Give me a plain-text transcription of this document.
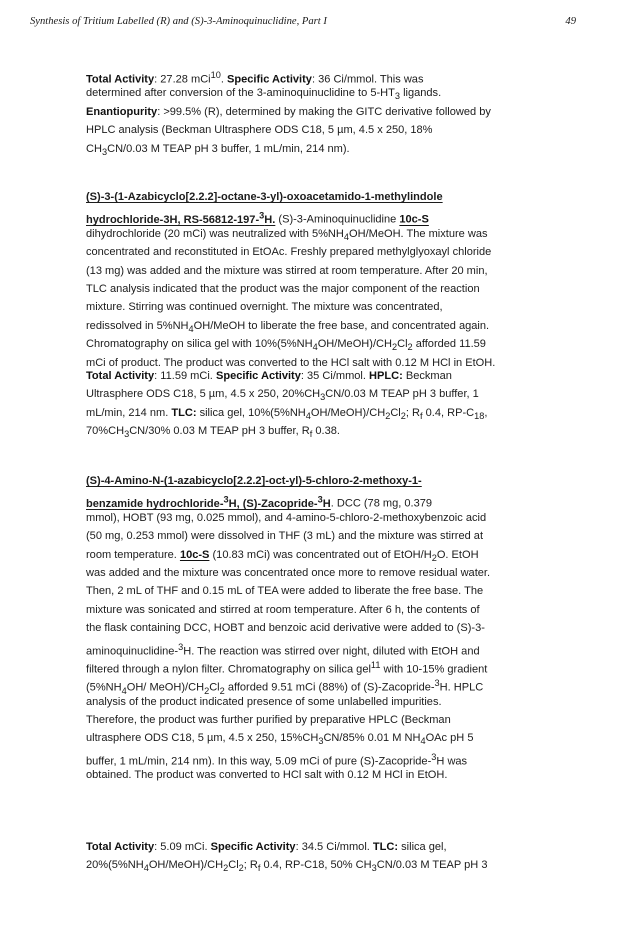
Synthesis of Tritium Labelled (R) and (S)-3-Aminoquinuclidine, Part I	49
Total Activity: 27.28 mCi$^{10}$. Specific Activity: 36 Ci/mmol. This was
determined after conversion of the 3-aminoquinuclidine to $5-HT_3$ ligands.
Enantiopurity: >99.5% (R), determined by making the GITC derivative followed by
HPLC analysis (Beckman Ultrasphere ODS C18, 5 µm, 4.5 x 250, 18%
$CH_3CN/0.03$ M TEAP pH 3 buffer, 1 mL/min, 214 nm).
(S)-3-(1-Azabicyclo[2.2.2]-octane-3-yl)-oxoacetamido-1-methylindole
hydrochloride-3H, RS-56812-197-$^3$H. (S)-3-Aminoquinuclidine 10c-S
dihydrochloride (20 mCi) was neutralized with $5\%NH_4OH$/MeOH. The mixture was
concentrated and reconstituted in EtOAc. Freshly prepared methylglyoxayl chloride
(13 mg) was added and the mixture was stirred at room temperature. After 20 min,
TLC analysis indicated that the product was the major component of the reaction
mixture. Stirring was continued overnight. The mixture was concentrated,
redissolved in $5\%NH_4OH$/MeOH to liberate the free base, and concentrated again.
Chromatography on silica gel with $10\%(5\%NH_4OH/MeOH)/CH_2Cl_2$ afforded 11.59
mCi of product. The product was converted to the HCl salt with 0.12 M HCl in EtOH.
Total Activity: 11.59 mCi. Specific Activity: 35 Ci/mmol. HPLC: Beckman
Ultrasphere ODS C18, 5 µm, 4.5 x 250, $20\%CH_3CN/0.03$ M TEAP pH 3 buffer, 1
mL/min, 214 nm. TLC: silica gel, $10\%(5\%NH_4OH/MeOH)/CH_2Cl_2$; $R_f$ 0.4, $RP-C_{18}$,
$70\%CH_3CN/30\%$ 0.03 M TEAP pH 3 buffer, $R_f$ 0.38.
(S)-4-Amino-N-(1-azabicyclo[2.2.2]-oct-yl)-5-chloro-2-methoxy-1-
benzamide hydrochloride-$^3$H, (S)-Zacopride-$^3$H. DCC (78 mg, 0.379
mmol), HOBT (93 mg, 0.025 mmol), and 4-amino-5-chloro-2-methoxybenzoic acid
(50 mg, 0.253 mmol) were dissolved in THF (3 mL) and the mixture was stirred at
room temperature. 10c-S (10.83 mCi) was concentrated out of EtOH/$H_2O$. EtOH
was added and the mixture was concentrated once more to remove residual water.
Then, 2 mL of THF and 0.15 mL of TEA were added to liberate the free base. The
mixture was sonicated and stirred at room temperature. After 6 h, the contents of
the flask containing DCC, HOBT and benzoic acid derivative were added to (S)-3-
aminoquinuclidine-$^3$H. The reaction was stirred over night, diluted with EtOH and
filtered through a nylon filter. Chromatography on silica gel$^{11}$ with 10-15% gradient
($5\%NH_4OH/$ $MeOH)/CH_2Cl_2$ afforded 9.51 mCi (88%) of (S)-Zacopride-$^3$H. HPLC
analysis of the product indicated presence of some unlabelled impurities.
Therefore, the product was further purified by preparative HPLC (Beckman
ultrasphere ODS C18, 5 µm, 4.5 x 250, $15\%CH_3CN/85\%$ 0.01 M $NH_4OAc$ pH 5
buffer, 1 mL/min, 214 nm). In this way, 5.09 mCi of pure (S)-Zacopride-$^3$H was
obtained. The product was converted to HCl salt with 0.12 M HCl in EtOH.
Total Activity: 5.09 mCi. Specific Activity: 34.5 Ci/mmol. TLC: silica gel,
$20\%(5\%NH_4OH/MeOH)/CH_2Cl_2$; $R_f$ 0.4, RP-C18, 50% $CH_3CN/0.03$ M TEAP pH 3
